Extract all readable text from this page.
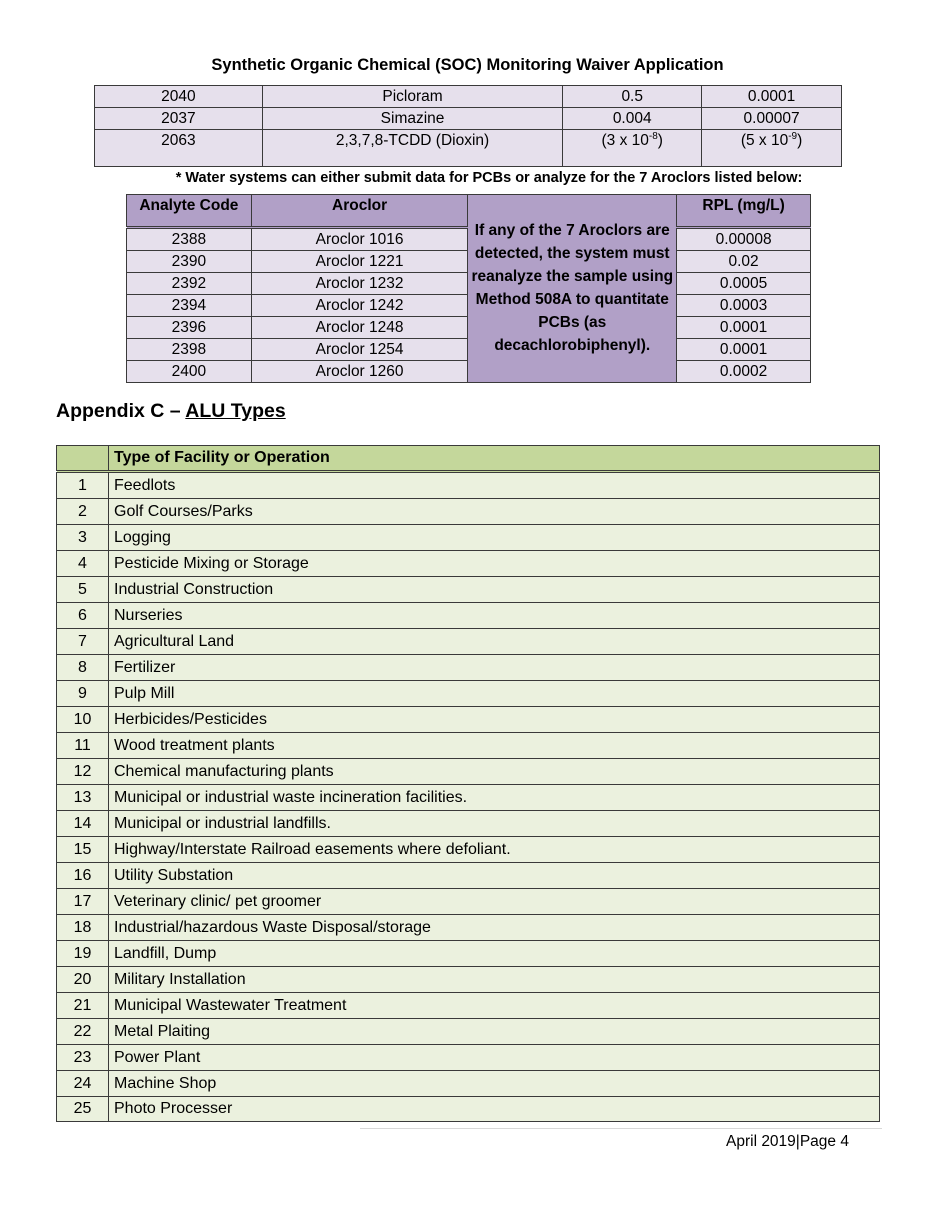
Synthetic Organic Chemical (SOC) Monitoring Waiver Application
2040	Picloram	0.5	0.0001
2037	Simazine	0.004	0.00007
2063	2,3,7,8-TCDD (Dioxin)	(3 x $10^{-8}$)	(5 x $10^{-9}$)
* Water systems can either submit data for PCBs or analyze for the 7 Aroclors listed below:
Analyte Code	Aroclor	If any of the 7 Aroclors are detected, the system must reanalyze the sample using Method 508A to quantitate PCBs (as decachlorobiphenyl).	RPL (mg/L)
2388	Aroclor 1016		0.00008
2390	Aroclor 1221		0.02
2392	Aroclor 1232		0.0005
2394	Aroclor 1242		0.0003
2396	Aroclor 1248		0.0001
2398	Aroclor 1254		0.0001
2400	Aroclor 1260		0.0002
Appendix C – ALU Types
	Type of Facility or Operation
1	Feedlots
2	Golf Courses/Parks
3	Logging
4	Pesticide Mixing or Storage
5	Industrial Construction
6	Nurseries
7	Agricultural Land
8	Fertilizer
9	Pulp Mill
10	Herbicides/Pesticides
11	Wood treatment plants
12	Chemical manufacturing plants
13	Municipal or industrial waste incineration facilities.
14	Municipal or industrial landfills.
15	Highway/Interstate Railroad easements where defoliant.
16	Utility Substation
17	Veterinary clinic/ pet groomer
18	Industrial/hazardous Waste Disposal/storage
19	Landfill, Dump
20	Military Installation
21	Municipal Wastewater Treatment
22	Metal Plaiting
23	Power Plant
24	Machine Shop
25	Photo Processer
April 2019|Page 4
